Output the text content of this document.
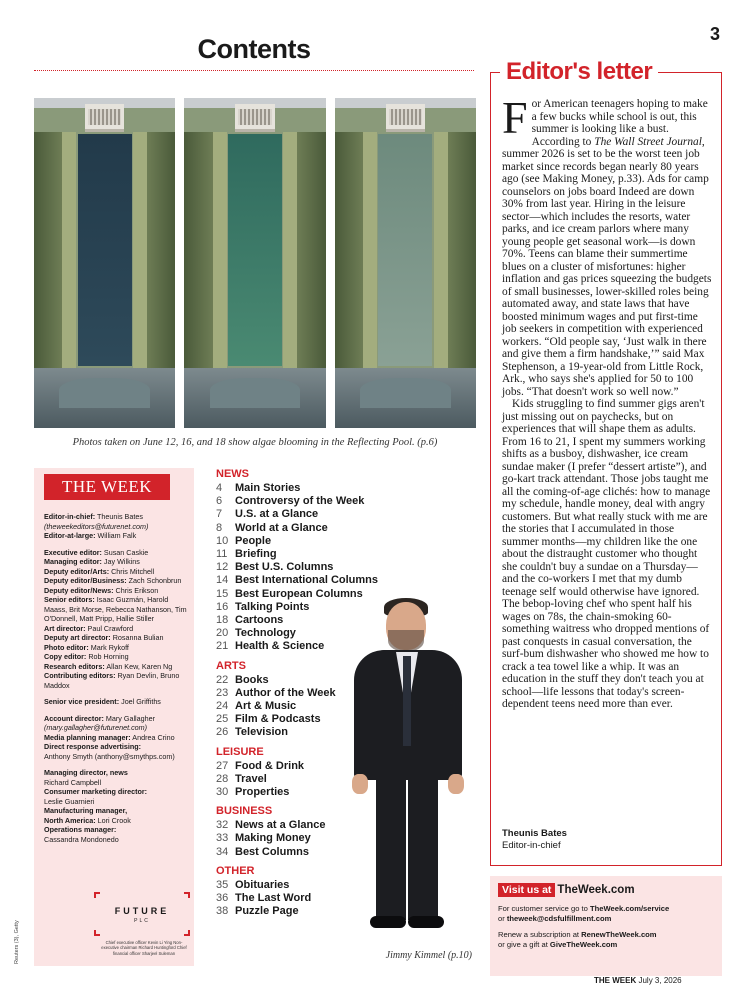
3
Contents
Photos taken on June 12, 16, and 18 show algae blooming in the Reflecting Pool. (p.6)
THE WEEK
Editor-in-chief: Theunis Bates
(theweekeditors@futurenet.com)
Editor-at-large: William Falk
Executive editor: Susan Caskie
Managing editor: Jay Wilkins
Deputy editor/Arts: Chris Mitchell
Deputy editor/Business: Zach Schonbrun
Deputy editor/News: Chris Erikson
Senior editors: Isaac Guzmán, Harold Maass, Brit Morse, Rebecca Nathanson, Tim O'Donnell, Matt Pripp, Hallie Stiller
Art director: Paul Crawford
Deputy art director: Rosanna Bulian
Photo editor: Mark Rykoff
Copy editor: Rob Horning
Research editors: Allan Kew, Karen Ng
Contributing editors: Ryan Devlin, Bruno Maddox
Senior vice president: Joel Griffiths
Account director: Mary Gallagher
(mary.gallagher@futurenet.com)
Media planning manager: Andrea Crino
Direct response advertising:
Anthony Smyth (anthony@smythps.com)
Managing director, news
Richard Campbell
Consumer marketing director:
Leslie Guarnieri
Manufacturing manager,
North America: Lori Crook
Operations manager:
Cassandra Mondonedo
FUTURE
PLC
Chief executive officer Kevin Li Ying Non-executive chairman Richard Huntingford Chief financial officer Sharjeel Suleman
Reuters (3), Getty
NEWS
4	Main Stories
6	Controversy of the Week
7	U.S. at a Glance
8	World at a Glance
10 People
11 Briefing
12 Best U.S. Columns
14 Best International Columns
15 Best European Columns
16 Talking Points
18 Cartoons
20 Technology
21 Health & Science
ARTS
22 Books
23 Author of the Week
24 Art & Music
25 Film & Podcasts
26 Television
LEISURE
27 Food & Drink
28 Travel
30 Properties
BUSINESS
32 News at a Glance
33 Making Money
34 Best Columns
OTHER
35 Obituaries
36 The Last Word
38 Puzzle Page
Jimmy Kimmel (p.10)
Editor's letter

For American teenagers hoping to make a few bucks while school is out, this summer is looking like a bust. According to The Wall Street Journal, summer 2026 is set to be the worst teen job market since records began nearly 80 years ago (see Making Money, p.33). Ads for camp counselors on jobs board Indeed are down 30% from last year. Hiring in the leisure sector—which includes the resorts, water parks, and ice cream parlors where many young people get seasonal work—is down 70%. Teens can blame their summertime blues on a cluster of misfortunes: higher inflation and gas prices squeezing the budgets of small businesses, lower-skilled roles being automated away, and state laws that have boosted minimum wages and put first-time job seekers in competition with experienced workers. “Old people say, ‘Just walk in there and give them a firm handshake,’” said Max Stephenson, a 19-year-old from Little Rock, Ark., who says she's applied for 50 to 100 jobs. “That doesn't work so well now.”

Kids struggling to find summer gigs aren't just missing out on paychecks, but on experiences that will shape them as adults. From 16 to 21, I spent my summers working shifts as a busboy, dishwasher, ice cream sundae maker (I prefer “dessert artiste”), and go-kart track attendant. Those jobs taught me all the coming-of-age clichés: how to manage my schedule, handle money, deal with angry customers. But what really stuck with me are the stories that I accumulated in those summer months—my children like the one about the distraught customer who thought she couldn't buy a sundae on a Thursday—and the co-workers I met that my dumb teenage self would otherwise have ignored. The bebop-loving chef who spent half his wages on 78s, the chain-smoking 60-something waitress who dropped mentions of past conquests in casual conversation, the surf-bum dishwasher who showed me how to crack a tea towel like a whip. It was an education in the stuff they don't teach you at school—life lessons that today's screen-dependent teens need more than ever.

Theunis Bates
Editor-in-chief
Visit us at TheWeek.com
For customer service go to TheWeek.com/service
or theweek@cdsfulfillment.com
Renew a subscription at RenewTheWeek.com
or give a gift at GiveTheWeek.com
THE WEEK July 3, 2026
